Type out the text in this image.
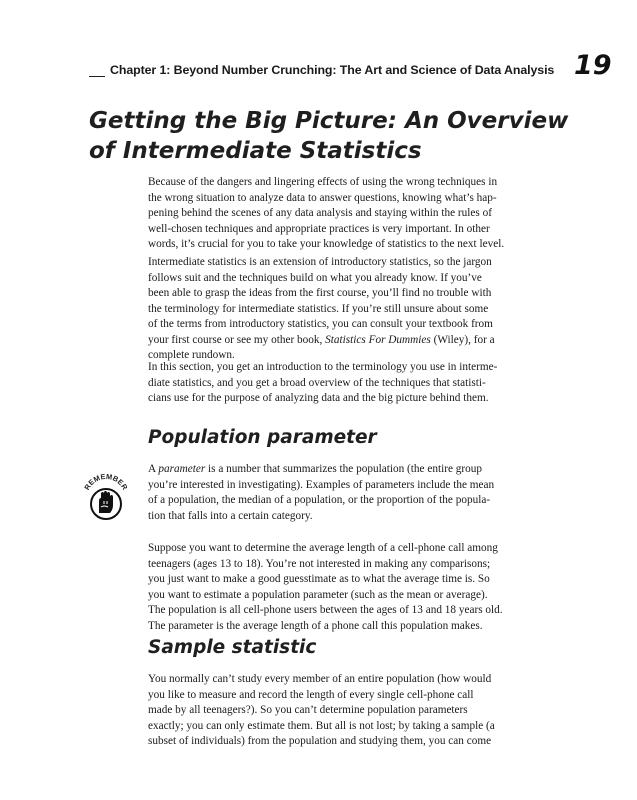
Chapter 1: Beyond Number Crunching: The Art and Science of Data Analysis 19
Getting the Big Picture: An Overview
of Intermediate Statistics
Because of the dangers and lingering effects of using the wrong techniques in
the wrong situation to analyze data to answer questions, knowing what’s hap-
pening behind the scenes of any data analysis and staying within the rules of
well-chosen techniques and appropriate practices is very important. In other
words, it’s crucial for you to take your knowledge of statistics to the next level.
Intermediate statistics is an extension of introductory statistics, so the jargon
follows suit and the techniques build on what you already know. If you’ve
been able to grasp the ideas from the first course, you’ll find no trouble with
the terminology for intermediate statistics. If you’re still unsure about some
of the terms from introductory statistics, you can consult your textbook from
your first course or see my other book, Statistics For Dummies (Wiley), for a
complete rundown.
In this section, you get an introduction to the terminology you use in interme-
diate statistics, and you get a broad overview of the techniques that statisti-
cians use for the purpose of analyzing data and the big picture behind them.
Population parameter
REMEMBER
A parameter is a number that summarizes the population (the entire group
you’re interested in investigating). Examples of parameters include the mean
of a population, the median of a population, or the proportion of the popula-
tion that falls into a certain category.
Suppose you want to determine the average length of a cell-phone call among
teenagers (ages 13 to 18). You’re not interested in making any comparisons;
you just want to make a good guesstimate as to what the average time is. So
you want to estimate a population parameter (such as the mean or average).
The population is all cell-phone users between the ages of 13 and 18 years old.
The parameter is the average length of a phone call this population makes.
Sample statistic
You normally can’t study every member of an entire population (how would
you like to measure and record the length of every single cell-phone call
made by all teenagers?). So you can’t determine population parameters
exactly; you can only estimate them. But all is not lost; by taking a sample (a
subset of individuals) from the population and studying them, you can come
